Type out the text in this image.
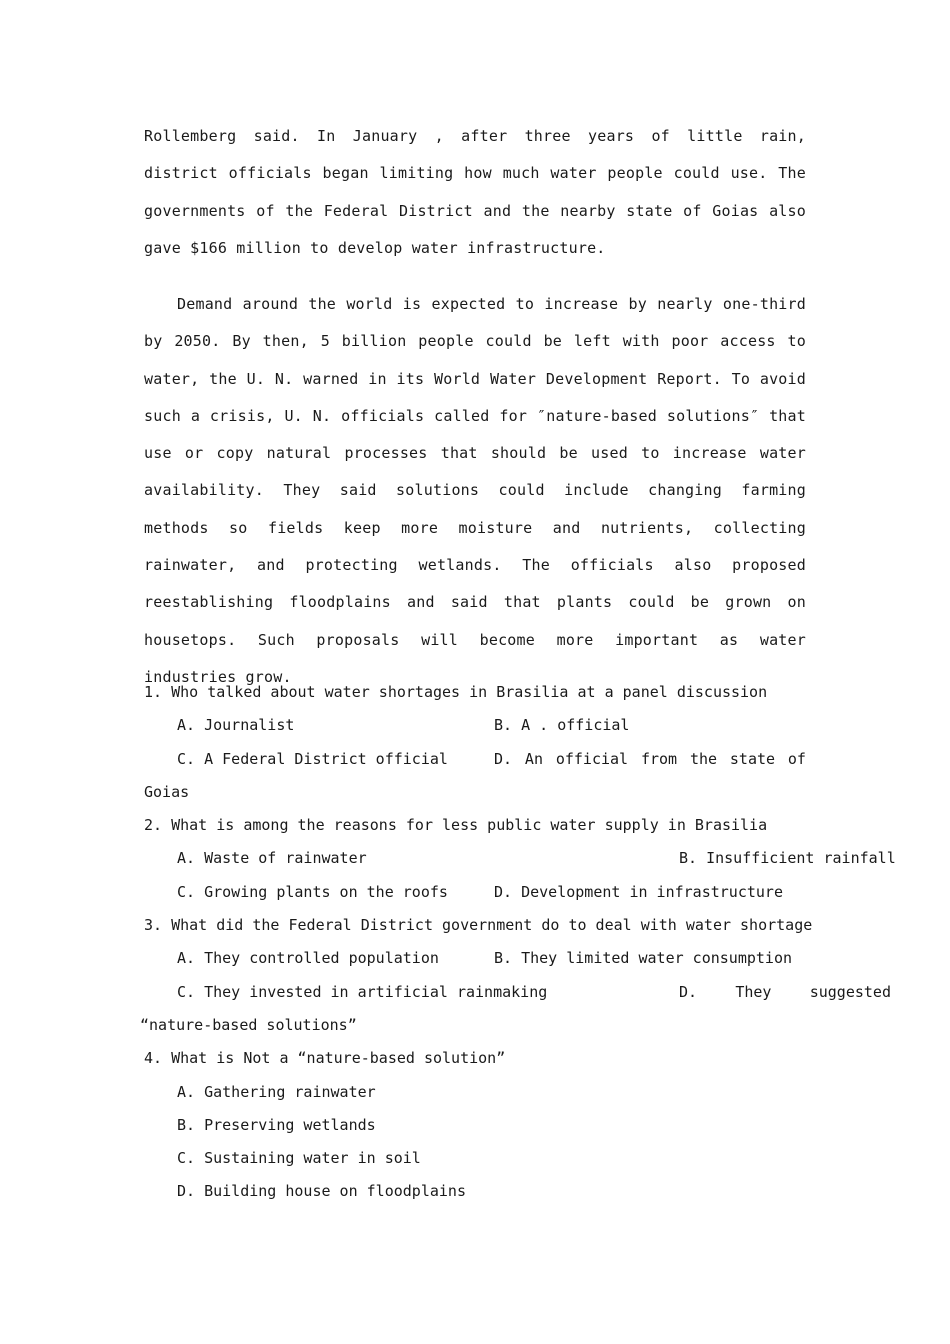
Rollemberg said. In January , after three years of little rain, district officials began limiting how much water people could use. The governments of the Federal District and the nearby state of Goias also gave $166 million to develop water infrastructure.

Demand around the world is expected to increase by nearly one-third by 2050. By then, 5 billion people could be left with poor access to water, the U. N. warned in its World Water Development Report. To avoid such a crisis, U. N. officials called for ″nature-based solutions″ that use or copy natural processes that should be used to increase water availability. They said solutions could include changing farming methods so fields keep more moisture and nutrients, collecting rainwater, and protecting wetlands. The officials also proposed reestablishing floodplains and said that plants could be grown on housetops. Such proposals will become more important as water industries grow.

1. Who talked about water shortages in Brasilia at a panel discussion
A. Journalist	B. A . official
C. A Federal District official	D. An official from the state of
Goias
2. What is among the reasons for less public water supply in Brasilia
A. Waste of rainwater	B. Insufficient rainfall
C. Growing plants on the roofs	D. Development in infrastructure
3. What did the Federal District government do to deal with water shortage
A. They controlled population	B. They limited water consumption
C. They invested in artificial rainmaking	D.	They	suggested
“nature-based solutions”
4. What is Not a “nature-based solution”
A. Gathering rainwater
B. Preserving wetlands
C. Sustaining water in soil
D. Building house on floodplains
